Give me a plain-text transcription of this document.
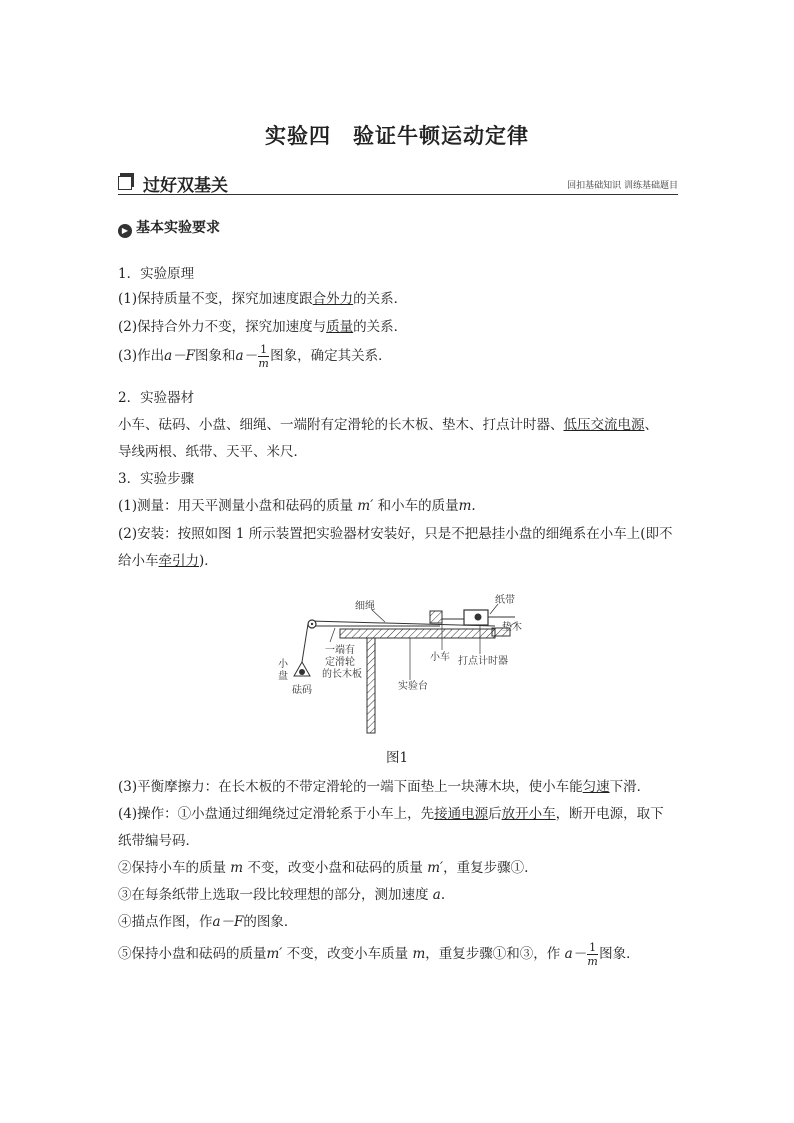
实验四　验证牛顿运动定律
过好双基关	回扣基础知识 训练基础题目
▶ 基本实验要求
1．实验原理
(1)保持质量不变，探究加速度跟合外力的关系．
(2)保持合外力不变，探究加速度与质量的关系．
(3)作出a－F图象和$a- \frac{1}{m}$ 图象，确定其关系．
2．实验器材
小车、砝码、小盘、细绳、一端附有定滑轮的长木板、垫木、打点计时器、低压交流电源、
导线两根、纸带、天平、米尺．
3．实验步骤
(1)测量：用天平测量小盘和砝码的质量 m′ 和小车的质量m.
(2)安装：按照如图 1 所示装置把实验器材安装好，只是不把悬挂小盘的细绳系在小车上(即不
给小车牵引力)．
细绳
纸带
垫木
小
盘
砝码
一端有
定滑轮
的长木板
小车 打点计时器
实验台
图1
(3)平衡摩擦力：在长木板的不带定滑轮的一端下面垫上一块薄木块，使小车能匀速下滑．
(4)操作：①小盘通过细绳绕过定滑轮系于小车上，先接通电源后放开小车，断开电源，取下
纸带编号码．
②保持小车的质量 m 不变，改变小盘和砝码的质量 m′，重复步骤①.
③在每条纸带上选取一段比较理想的部分，测加速度 a.
④描点作图，作a－F的图象．
⑤保持小盘和砝码的质量m′ 不变，改变小车质量 m，重复步骤①和③，作 $a- \frac{1}{m}$ 图象．
